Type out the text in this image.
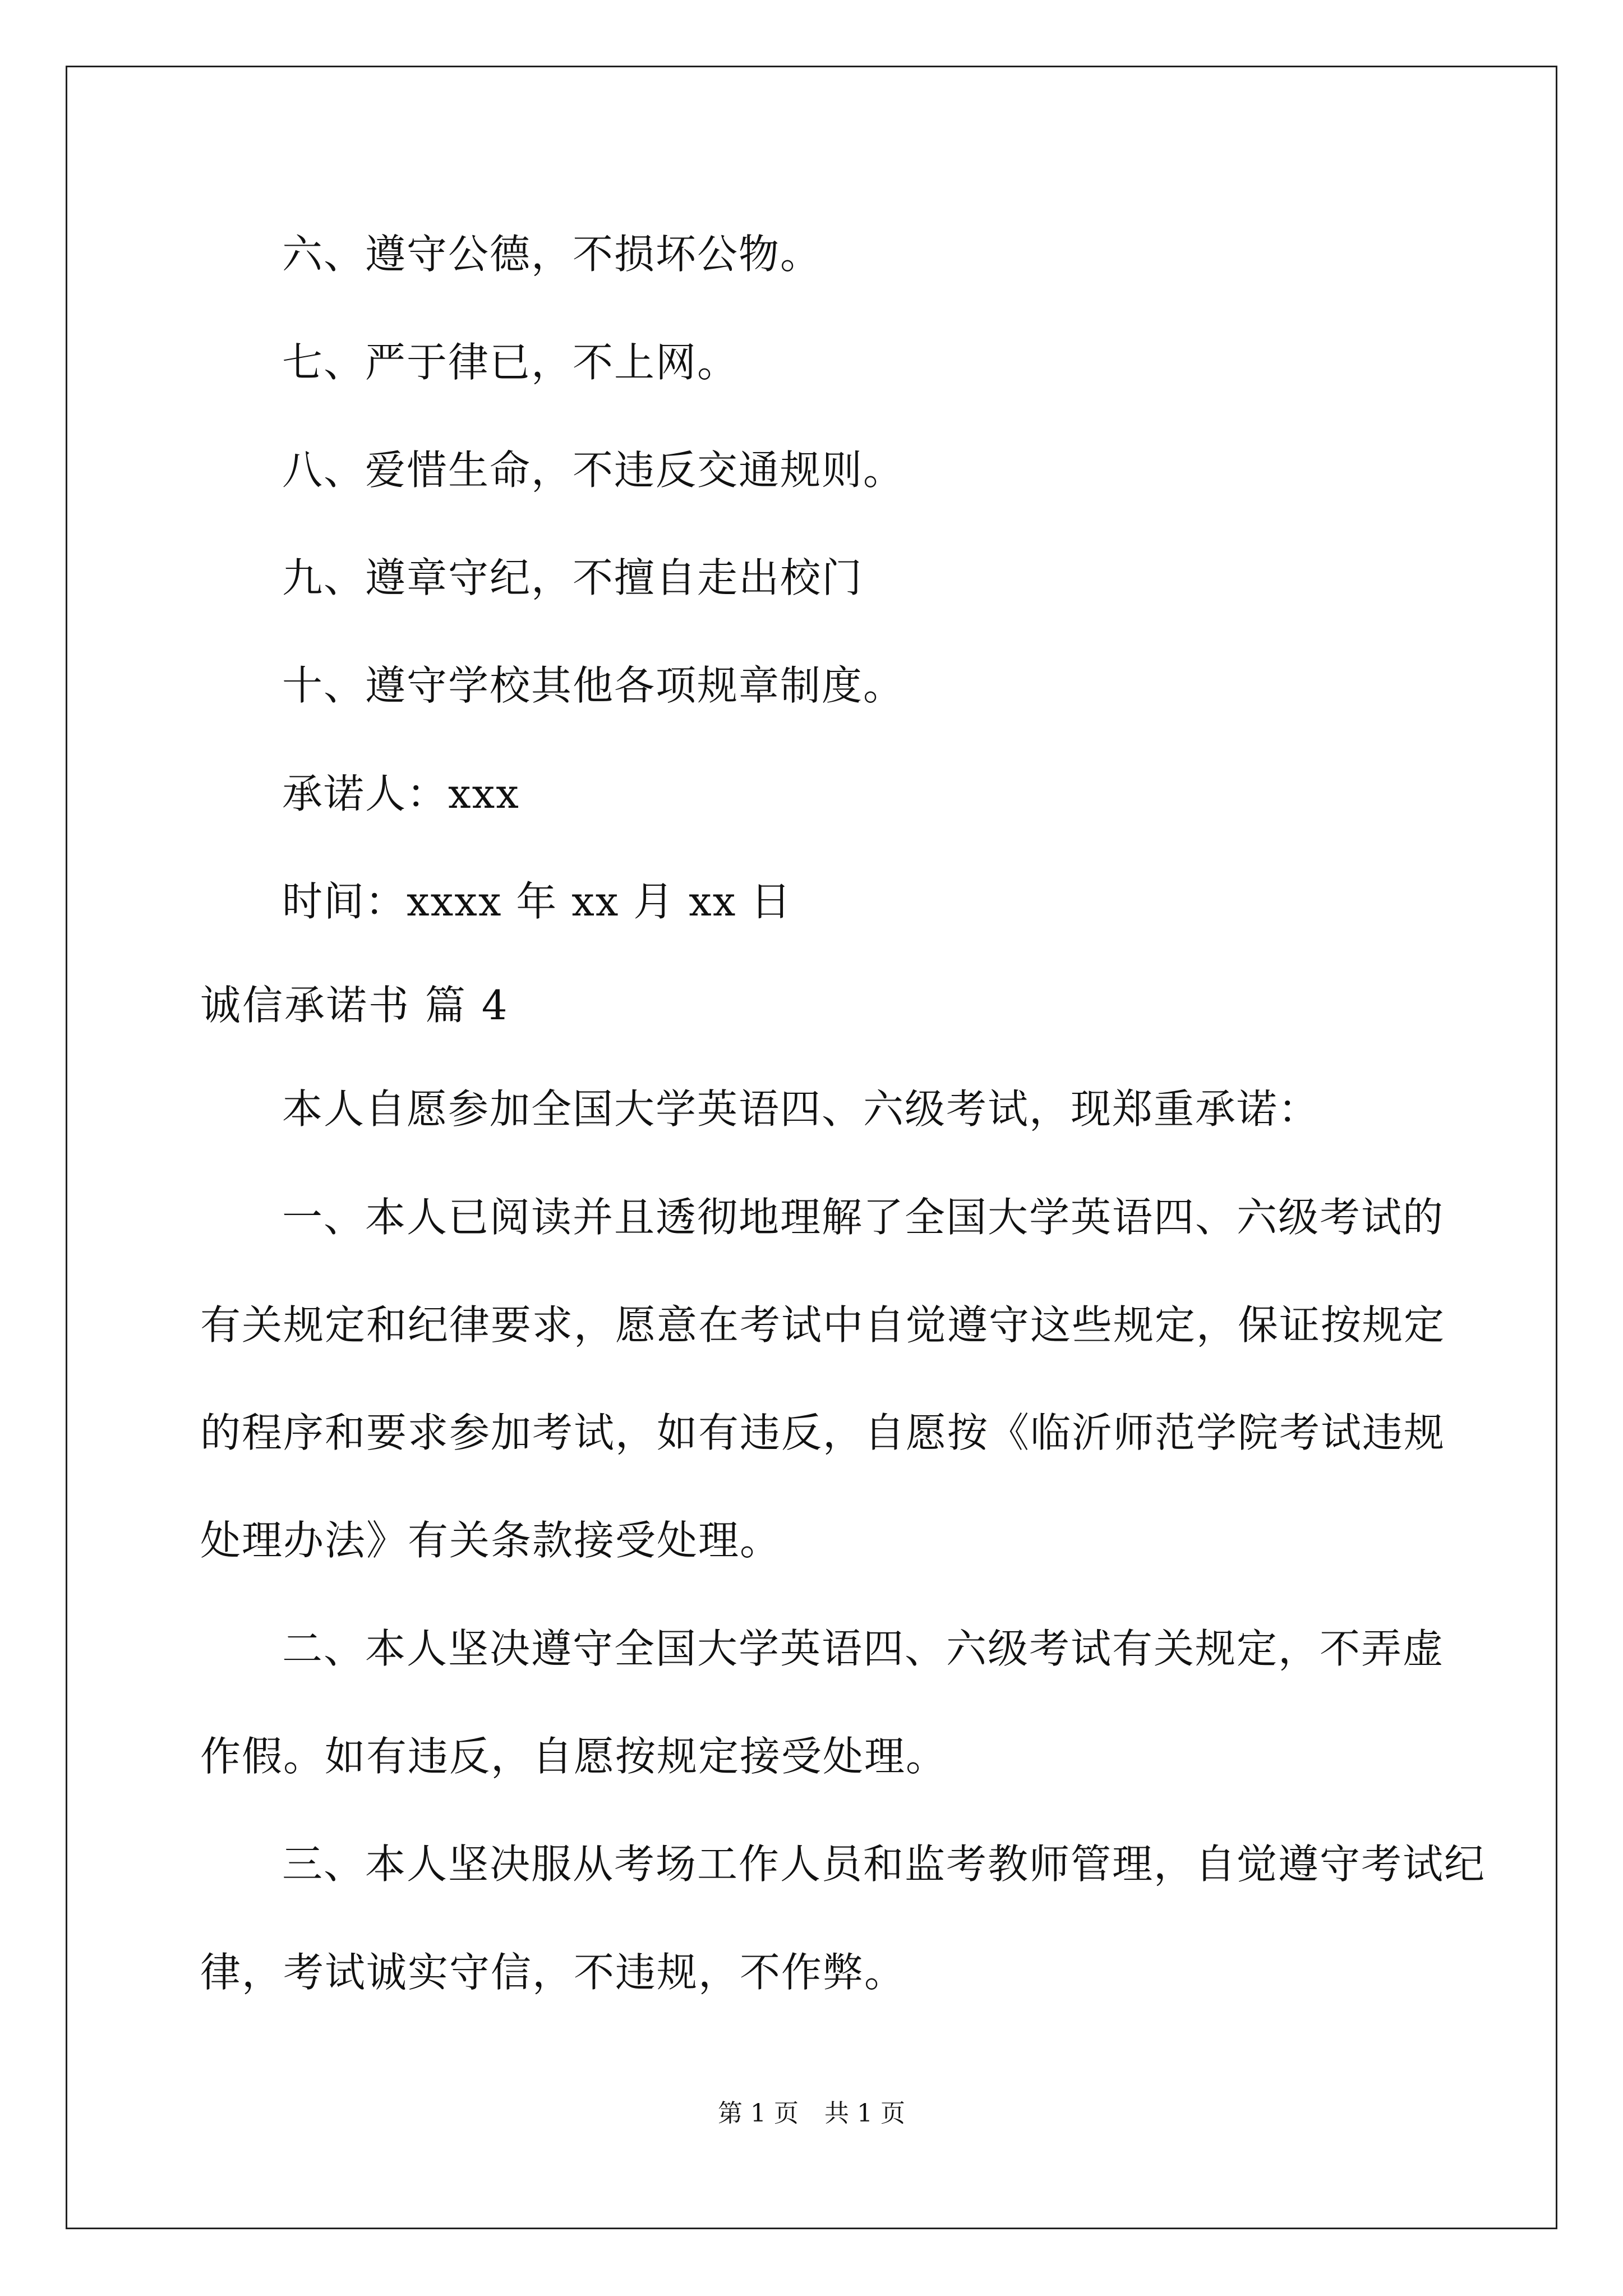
六、遵守公德，不损坏公物。
七、严于律已，不上网。
八、爱惜生命，不违反交通规则。
九、遵章守纪，不擅自走出校门
十、遵守学校其他各项规章制度。
承诺人：xxx
时间：xxxx 年 xx 月 xx 日
诚信承诺书 篇 4
本人自愿参加全国大学英语四、六级考试，现郑重承诺：
一、本人已阅读并且透彻地理解了全国大学英语四、六级考试的
有关规定和纪律要求，愿意在考试中自觉遵守这些规定，保证按规定
的程序和要求参加考试，如有违反，自愿按《临沂师范学院考试违规
处理办法》有关条款接受处理。
二、本人坚决遵守全国大学英语四、六级考试有关规定，不弄虚
作假。如有违反，自愿按规定接受处理。
三、本人坚决服从考场工作人员和监考教师管理，自觉遵守考试纪
律，考试诚实守信，不违规，不作弊。
第 1 页 共 1 页
